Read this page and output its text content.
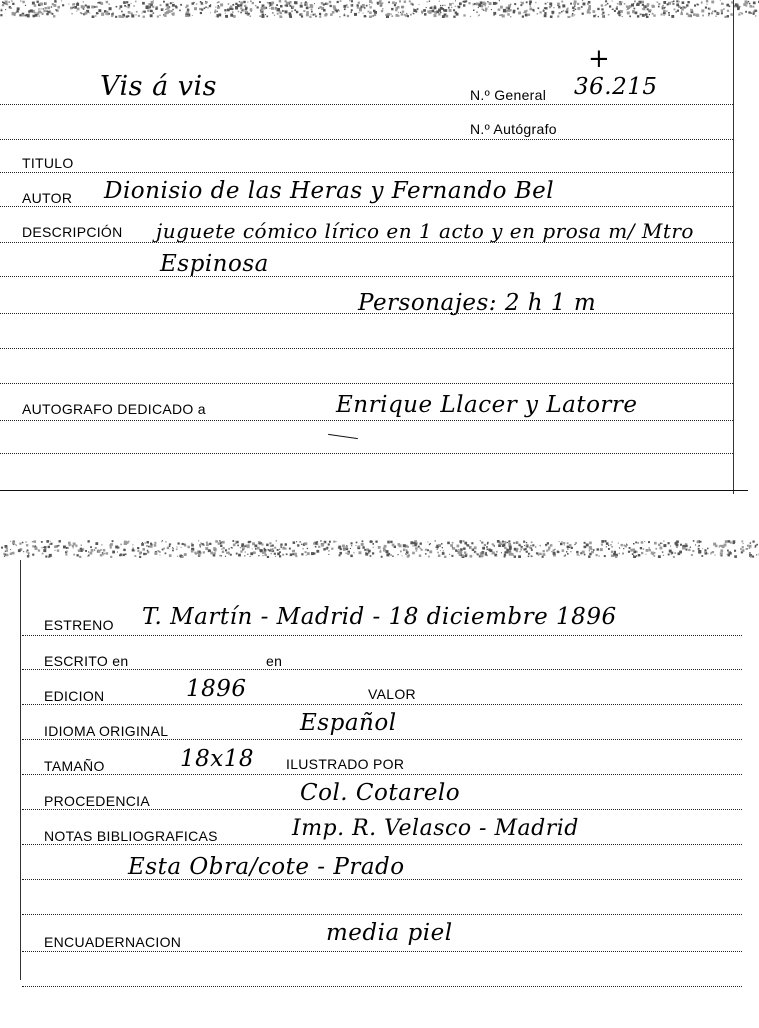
Vis á vis	N.º General 36.215
+
N.º Autógrafo
TITULO
AUTOR Dionisio de las Heras y Fernando Bel
DESCRIPCIÓN juguete cómico lírico en 1 acto y en prosa m/ Mtro
Espinosa
Personajes: 2 h 1 m
AUTOGRAFO DEDICADO a	Enrique Llacer y Latorre
ESTRENO T. Martín - Madrid - 18 diciembre 1896
ESCRITO en	en
EDICION	1896	VALOR
IDIOMA ORIGINAL	Español
TAMAÑO	18x18 ILUSTRADO POR
PROCEDENCIA	Col. Cotarelo
NOTAS BIBLIOGRAFICAS	Imp. R. Velasco - Madrid
Esta Obra/cote - Prado
ENCUADERNACION	media piel
